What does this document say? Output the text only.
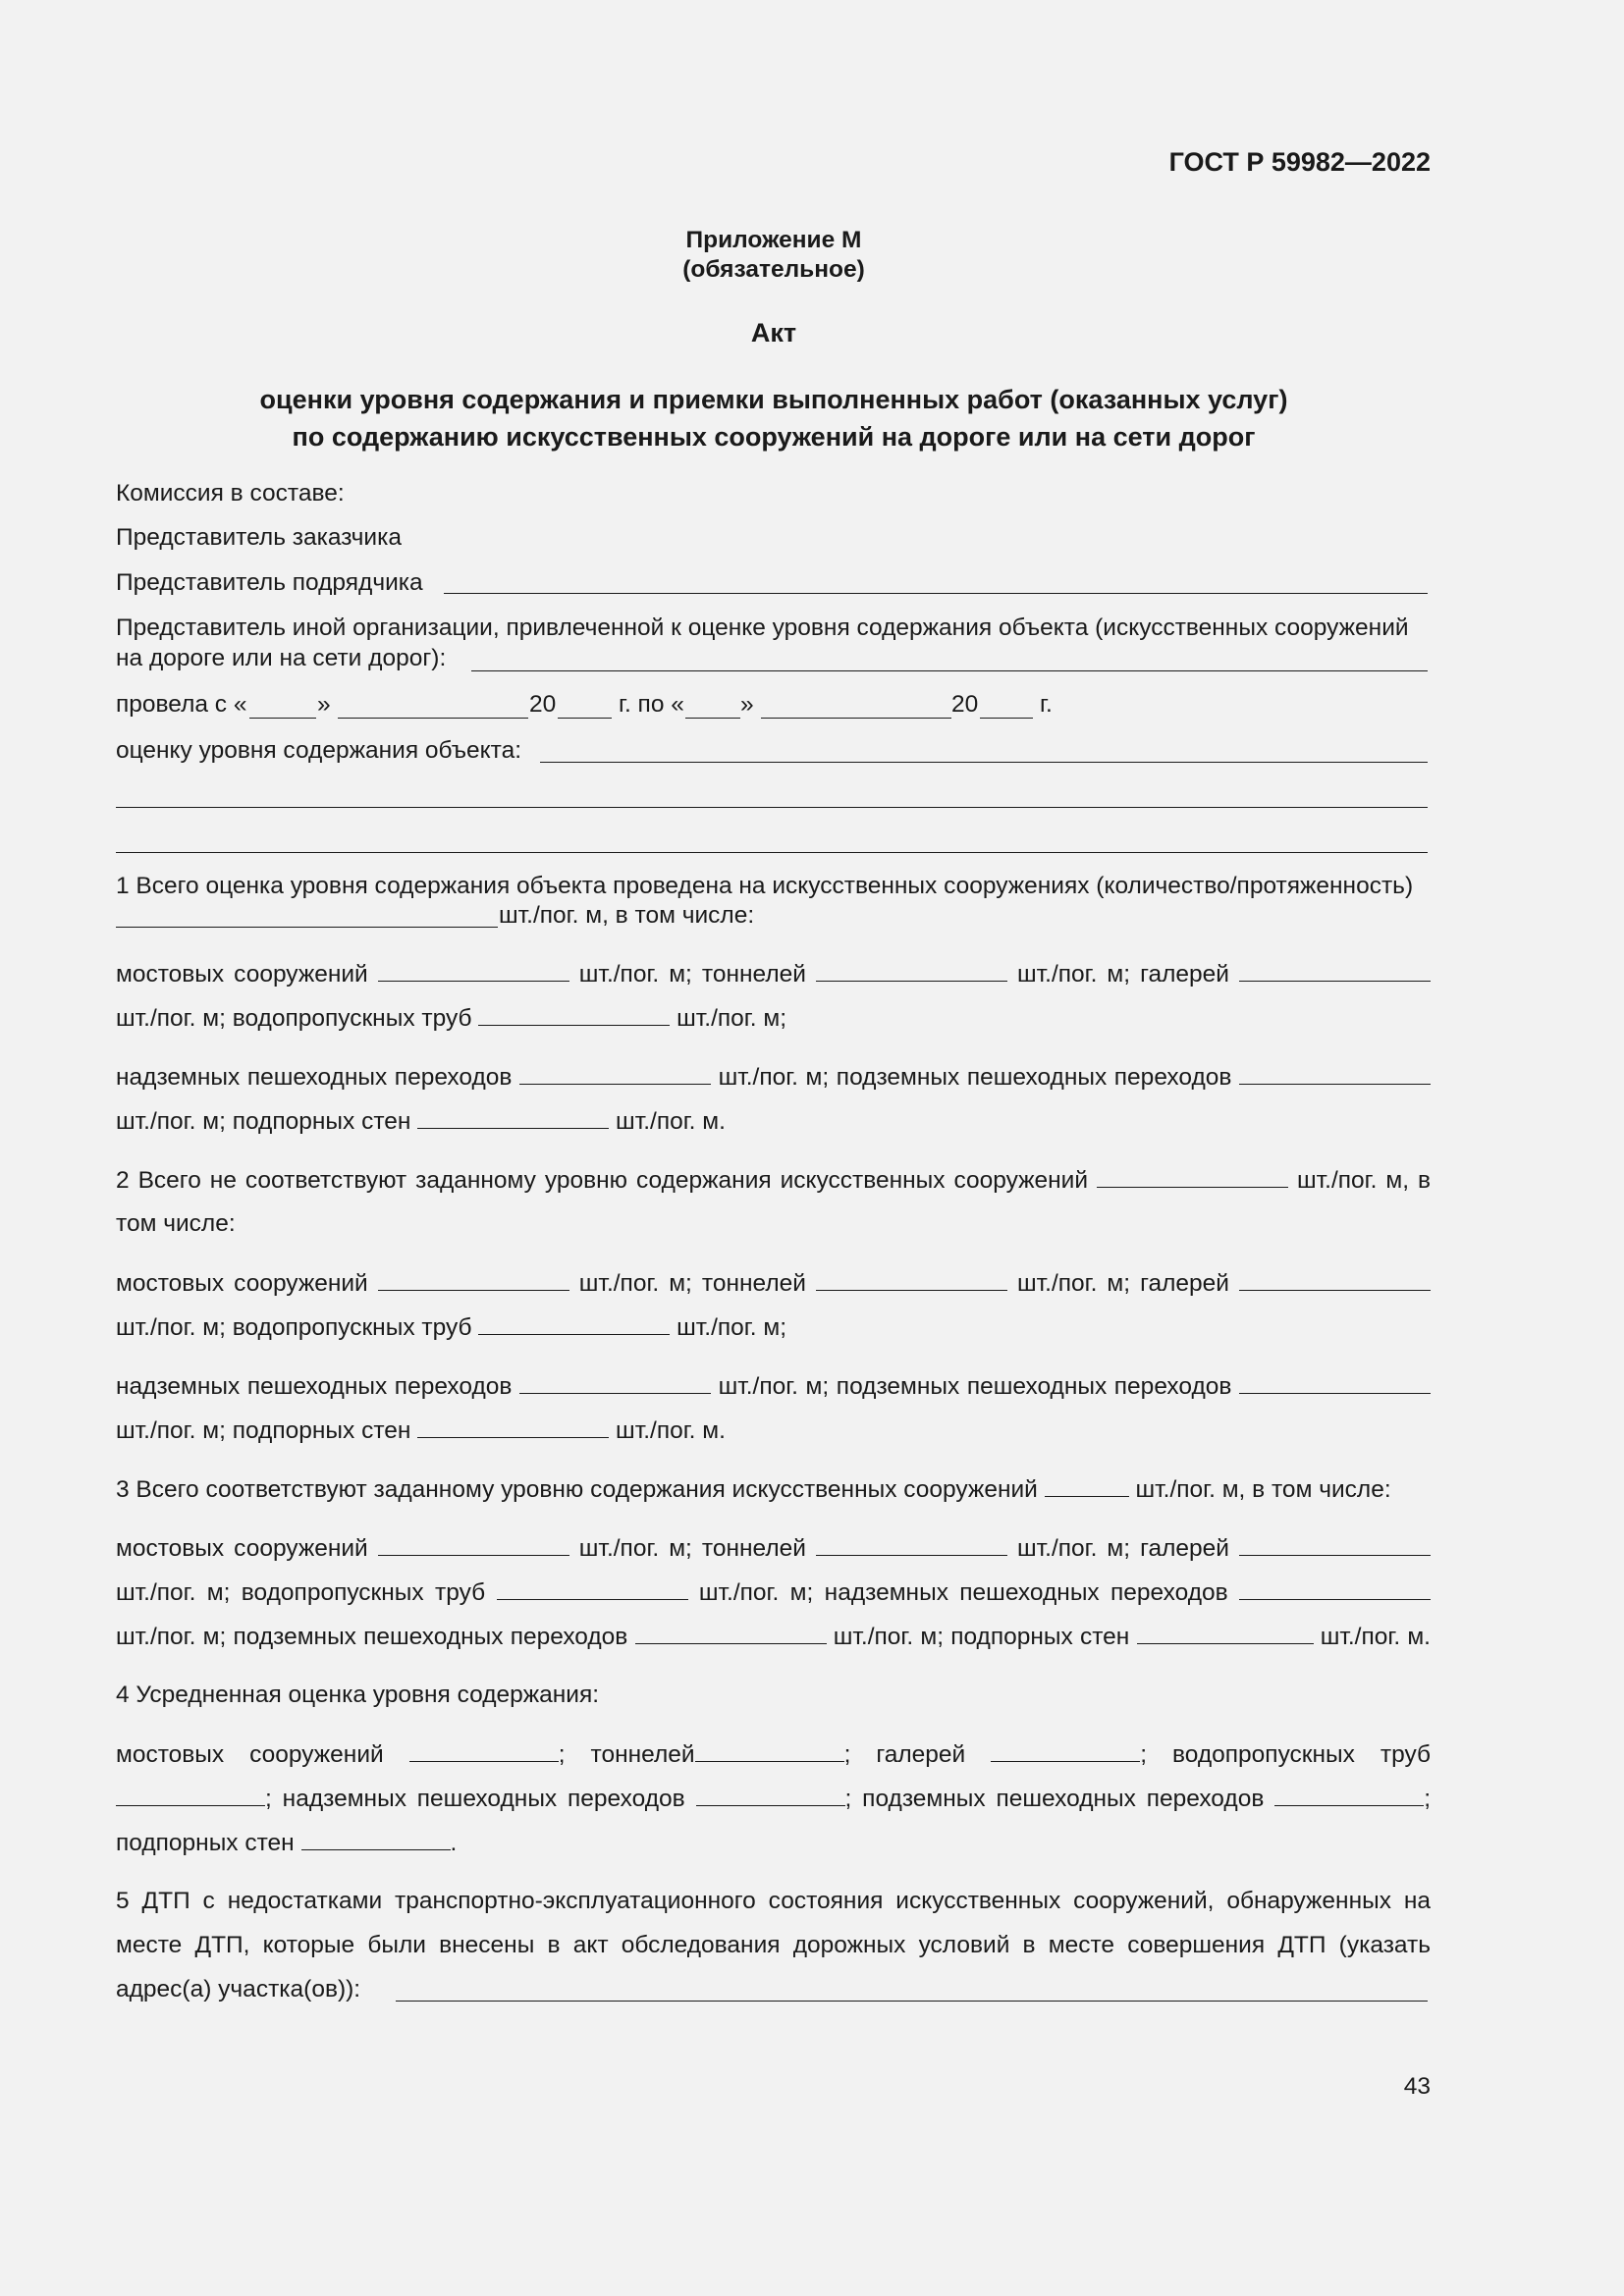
ГОСТ Р 59982—2022
Приложение М
(обязательное)
Акт
оценки уровня содержания и приемки выполненных работ (оказанных услуг)
по содержанию искусственных сооружений на дороге или на сети дорог
Комиссия в составе:
Представитель заказчика
Представитель подрядчика
Представитель иной организации, привлеченной к оценке уровня содержания объекта (искусственных сооружений
на дороге или на сети дорог):
провела с «	»	20	г. по « »	20	г.
оценку уровня содержания объекта:
1 Всего оценка уровня содержания объекта проведена на искусственных сооружениях (количество/протяженность)
шт./пог. м, в том числе:
мостовых сооружений	шт./пог. м; тоннелей	шт./пог. м; галерей
шт./пог. м; водопропускных труб	шт./пог. м;
надземных пешеходных переходов	шт./пог. м; подземных пешеходных переходов
шт./пог. м; подпорных стен	шт./пог. м.
2 Всего не соответствуют заданному уровню содержания искусственных сооружений	шт./пог. м, в
том числе:
мостовых сооружений	шт./пог. м; тоннелей	шт./пог. м; галерей
шт./пог. м; водопропускных труб	шт./пог. м;
надземных пешеходных переходов	шт./пог. м; подземных пешеходных переходов
шт./пог. м; подпорных стен	шт./пог. м.
3 Всего соответствуют заданному уровню содержания искусственных сооружений	шт./пог. м, в том числе:
мостовых сооружений	шт./пог. м; тоннелей	шт./пог. м; галерей
шт./пог. м; водопропускных труб	шт./пог. м; надземных пешеходных переходов
шт./пог. м; подземных пешеходных переходов	шт./пог. м; подпорных стен	шт./пог. м.
4 Усредненная оценка уровня содержания:
мостовых сооружений	; тоннелей	; галерей	; водопропускных труб
; надземных пешеходных переходов	; подземных пешеходных переходов	;
подпорных стен	.
5 ДТП с недостатками транспортно-эксплуатационного состояния искусственных сооружений, обнаруженных на
месте ДТП, которые были внесены в акт обследования дорожных условий в месте совершения ДТП (указать
адрес(а) участка(ов)):
43
